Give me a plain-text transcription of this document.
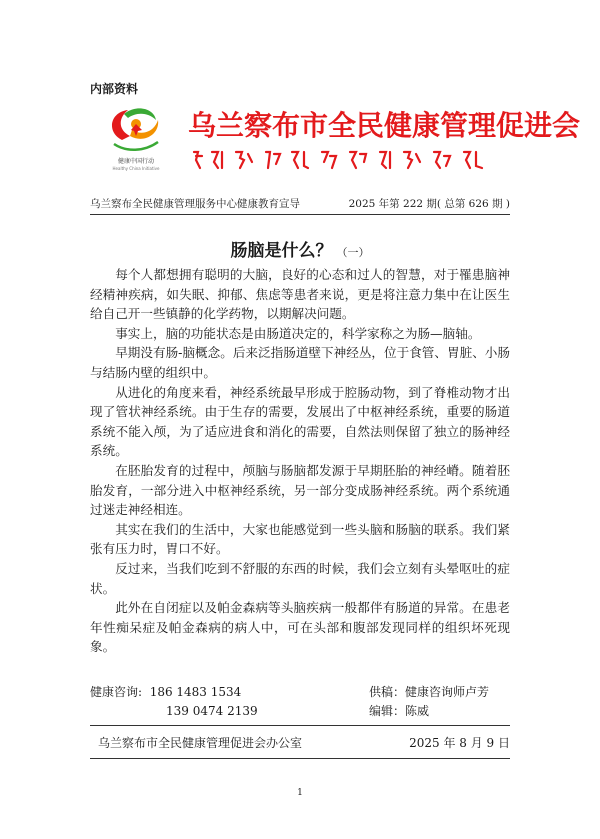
内部资料
健康中国行动
Healthy China Initiative
乌兰察布市全民健康管理促进会
乌兰察布全民健康管理服务中心健康教育宣导	2025 年第 222 期( 总第 626 期 )
肠脑是什么？ （一）

每个人都想拥有聪明的大脑，良好的心态和过人的智慧，对于罹患脑神经精神疾病，如失眠、抑郁、焦虑等患者来说，更是将注意力集中在让医生给自己开一些镇静的化学药物，以期解决问题。

事实上，脑的功能状态是由肠道决定的，科学家称之为肠—脑轴。

早期没有肠-脑概念。后来泛指肠道壁下神经丛，位于食管、胃脏、小肠与结肠内壁的组织中。

从进化的角度来看，神经系统最早形成于腔肠动物，到了脊椎动物才出现了管状神经系统。由于生存的需要，发展出了中枢神经系统，重要的肠道系统不能入颅，为了适应进食和消化的需要，自然法则保留了独立的肠神经系统。

在胚胎发育的过程中，颅脑与肠脑都发源于早期胚胎的神经嵴。随着胚胎发育，一部分进入中枢神经系统，另一部分变成肠神经系统。两个系统通过迷走神经相连。

其实在我们的生活中，大家也能感觉到一些头脑和肠脑的联系。我们紧张有压力时，胃口不好。

反过来，当我们吃到不舒服的东西的时候，我们会立刻有头晕呕吐的症状。

此外在自闭症以及帕金森病等头脑疾病一般都伴有肠道的异常。在患老年性痴呆症及帕金森病的病人中，可在头部和腹部发现同样的组织坏死现象。

健康咨询: 186 1483 1534	供稿：健康咨询师卢芳
139 0474 2139	编辑：陈威
乌兰察布市全民健康管理促进会办公室	2025 年 8 月 9 日
1
